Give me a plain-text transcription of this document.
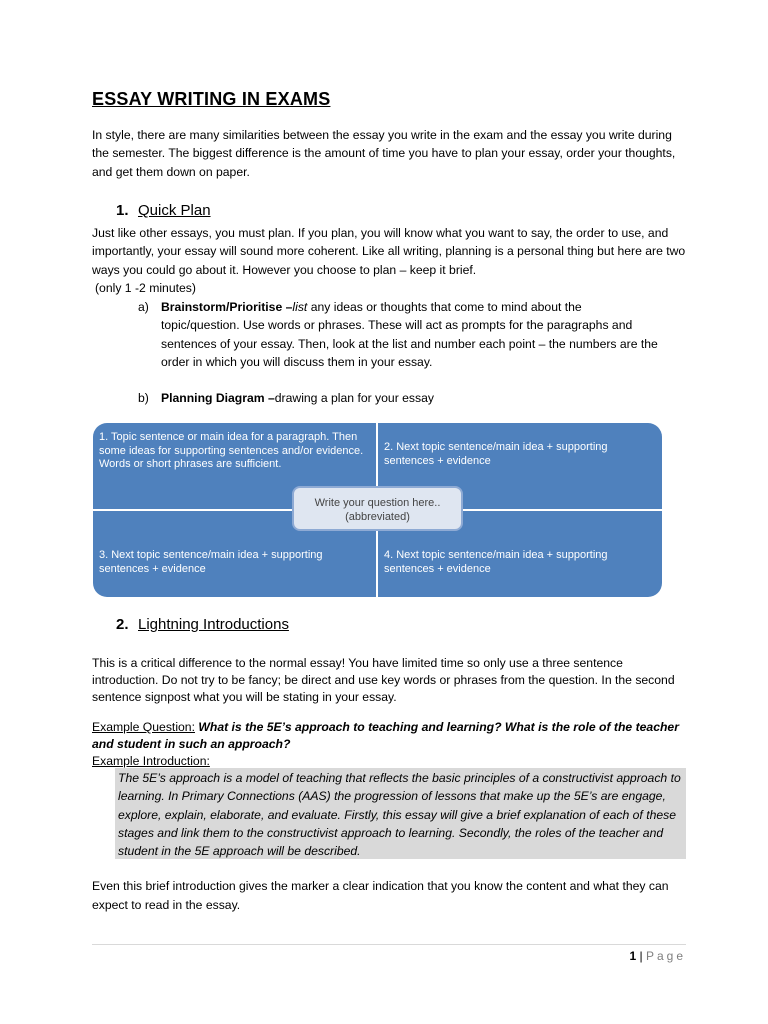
ESSAY WRITING IN EXAMS
In style, there are many similarities between the essay you write in the exam and the essay you write during the semester. The biggest difference is the amount of time you have to plan your essay, order your thoughts, and get them down on paper.
1. Quick Plan
Just like other essays, you must plan. If you plan, you will know what you want to say, the order to use, and importantly, your essay will sound more coherent. Like all writing, planning is a personal thing but here are two ways you could go about it. However you choose to plan – keep it brief.
(only 1 -2 minutes)
a) Brainstorm/Prioritise –list any ideas or thoughts that come to mind about the
topic/question. Use words or phrases. These will act as prompts for the paragraphs and sentences of your essay. Then, look at the list and number each point – the numbers are the order in which you will discuss them in your essay.
b) Planning Diagram –drawing a plan for your essay
1. Topic sentence or main idea for a paragraph. Then some ideas for supporting sentences and/or evidence. Words or short phrases are sufficient.
2. Next topic sentence/main idea + supporting sentences + evidence
3. Next topic sentence/main idea + supporting sentences + evidence
4. Next topic sentence/main idea + supporting sentences + evidence
Write your question here..
(abbreviated)
2. Lightning Introductions
This is a critical difference to the normal essay! You have limited time so only use a three sentence introduction. Do not try to be fancy; be direct and use key words or phrases from the question. In the second sentence signpost what you will be stating in your essay.
Example Question: What is the 5E’s approach to teaching and learning? What is the role of the teacher and student in such an approach?
Example Introduction:
The 5E’s approach is a model of teaching that reflects the basic principles of a constructivist approach to learning. In Primary Connections (AAS) the progression of lessons that make up the 5E’s are engage, explore, explain, elaborate, and evaluate. Firstly, this essay will give a brief explanation of each of these stages and link them to the constructivist approach to learning. Secondly, the roles of the teacher and student in the 5E approach will be described.
Even this brief introduction gives the marker a clear indication that you know the content and what they can expect to read in the essay.
1 | Page
